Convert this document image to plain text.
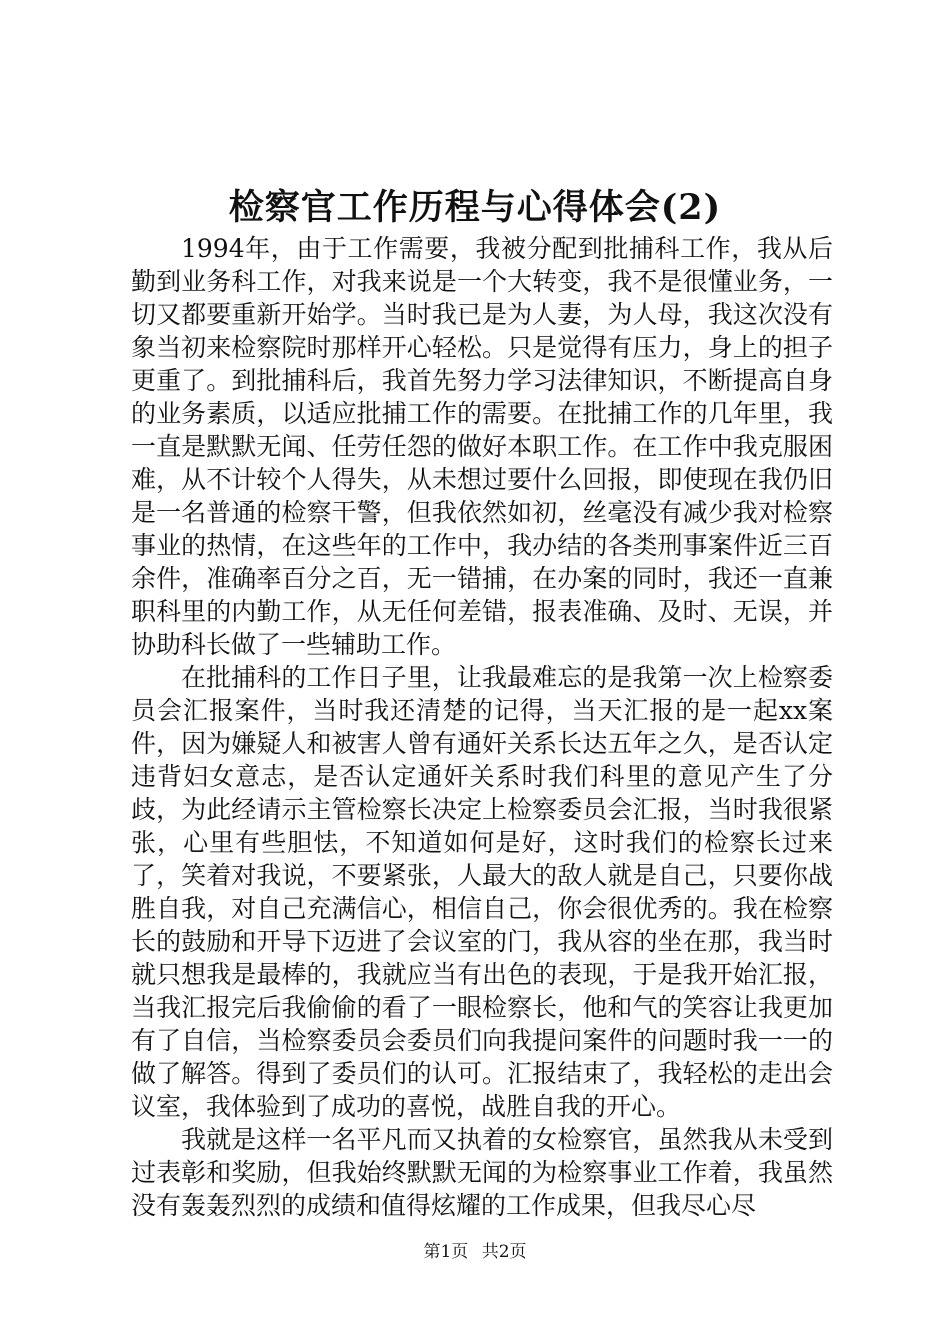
检察官工作历程与心得体会(2)

1994年，由于工作需要，我被分配到批捕科工作，我从后勤到业务科工作，对我来说是一个大转变，我不是很懂业务，一切又都要重新开始学。当时我已是为人妻，为人母，我这次没有象当初来检察院时那样开心轻松。只是觉得有压力，身上的担子更重了。到批捕科后，我首先努力学习法律知识，不断提高自身的业务素质，以适应批捕工作的需要。在批捕工作的几年里，我一直是默默无闻、任劳任怨的做好本职工作。在工作中我克服困难，从不计较个人得失，从未想过要什么回报，即使现在我仍旧是一名普通的检察干警，但我依然如初，丝毫没有减少我对检察事业的热情，在这些年的工作中，我办结的各类刑事案件近三百余件，准确率百分之百，无一错捕，在办案的同时，我还一直兼职科里的内勤工作，从无任何差错，报表准确、及时、无误，并协助科长做了一些辅助工作。

在批捕科的工作日子里，让我最难忘的是我第一次上检察委员会汇报案件，当时我还清楚的记得，当天汇报的是一起xx案件，因为嫌疑人和被害人曾有通奸关系长达五年之久，是否认定违背妇女意志，是否认定通奸关系时我们科里的意见产生了分歧，为此经请示主管检察长决定上检察委员会汇报，当时我很紧张，心里有些胆怯，不知道如何是好，这时我们的检察长过来了，笑着对我说，不要紧张，人最大的敌人就是自己，只要你战胜自我，对自己充满信心，相信自己，你会很优秀的。我在检察长的鼓励和开导下迈进了会议室的门，我从容的坐在那，我当时就只想我是最棒的，我就应当有出色的表现，于是我开始汇报，当我汇报完后我偷偷的看了一眼检察长，他和气的笑容让我更加有了自信，当检察委员会委员们向我提问案件的问题时我一一的做了解答。得到了委员们的认可。汇报结束了，我轻松的走出会议室，我体验到了成功的喜悦，战胜自我的开心。

我就是这样一名平凡而又执着的女检察官，虽然我从未受到过表彰和奖励，但我始终默默无闻的为检察事业工作着，我虽然没有轰轰烈烈的成绩和值得炫耀的工作成果，但我尽心尽

第1页 共2页
